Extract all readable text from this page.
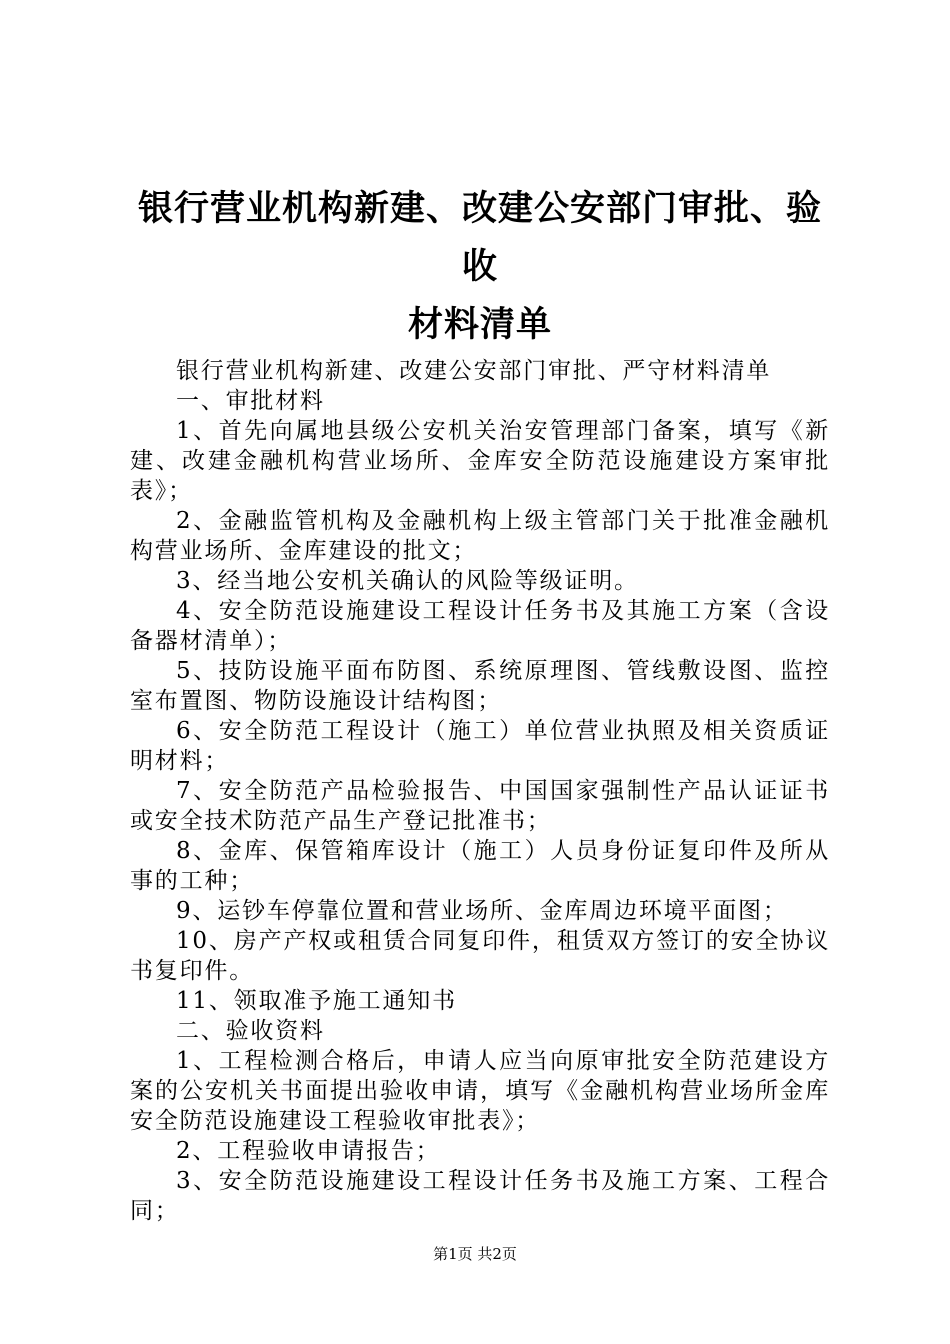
银行营业机构新建、改建公安部门审批、验收
材料清单

银行营业机构新建、改建公安部门审批、严守材料清单

一、审批材料

1、首先向属地县级公安机关治安管理部门备案，填写《新建、改建金融机构营业场所、金库安全防范设施建设方案审批表》；

2、金融监管机构及金融机构上级主管部门关于批准金融机构营业场所、金库建设的批文；

3、经当地公安机关确认的风险等级证明。

4、安全防范设施建设工程设计任务书及其施工方案（含设备器材清单）；

5、技防设施平面布防图、系统原理图、管线敷设图、监控室布置图、物防设施设计结构图；

6、安全防范工程设计（施工）单位营业执照及相关资质证明材料；

7、安全防范产品检验报告、中国国家强制性产品认证证书或安全技术防范产品生产登记批准书；

8、金库、保管箱库设计（施工）人员身份证复印件及所从事的工种；

9、运钞车停靠位置和营业场所、金库周边环境平面图；

10、房产产权或租赁合同复印件，租赁双方签订的安全协议书复印件。

11、领取准予施工通知书

二、验收资料

1、工程检测合格后，申请人应当向原审批安全防范建设方案的公安机关书面提出验收申请，填写《金融机构营业场所金库安全防范设施建设工程验收审批表》；

2、工程验收申请报告；

3、安全防范设施建设工程设计任务书及施工方案、工程合同；

第1页 共2页
